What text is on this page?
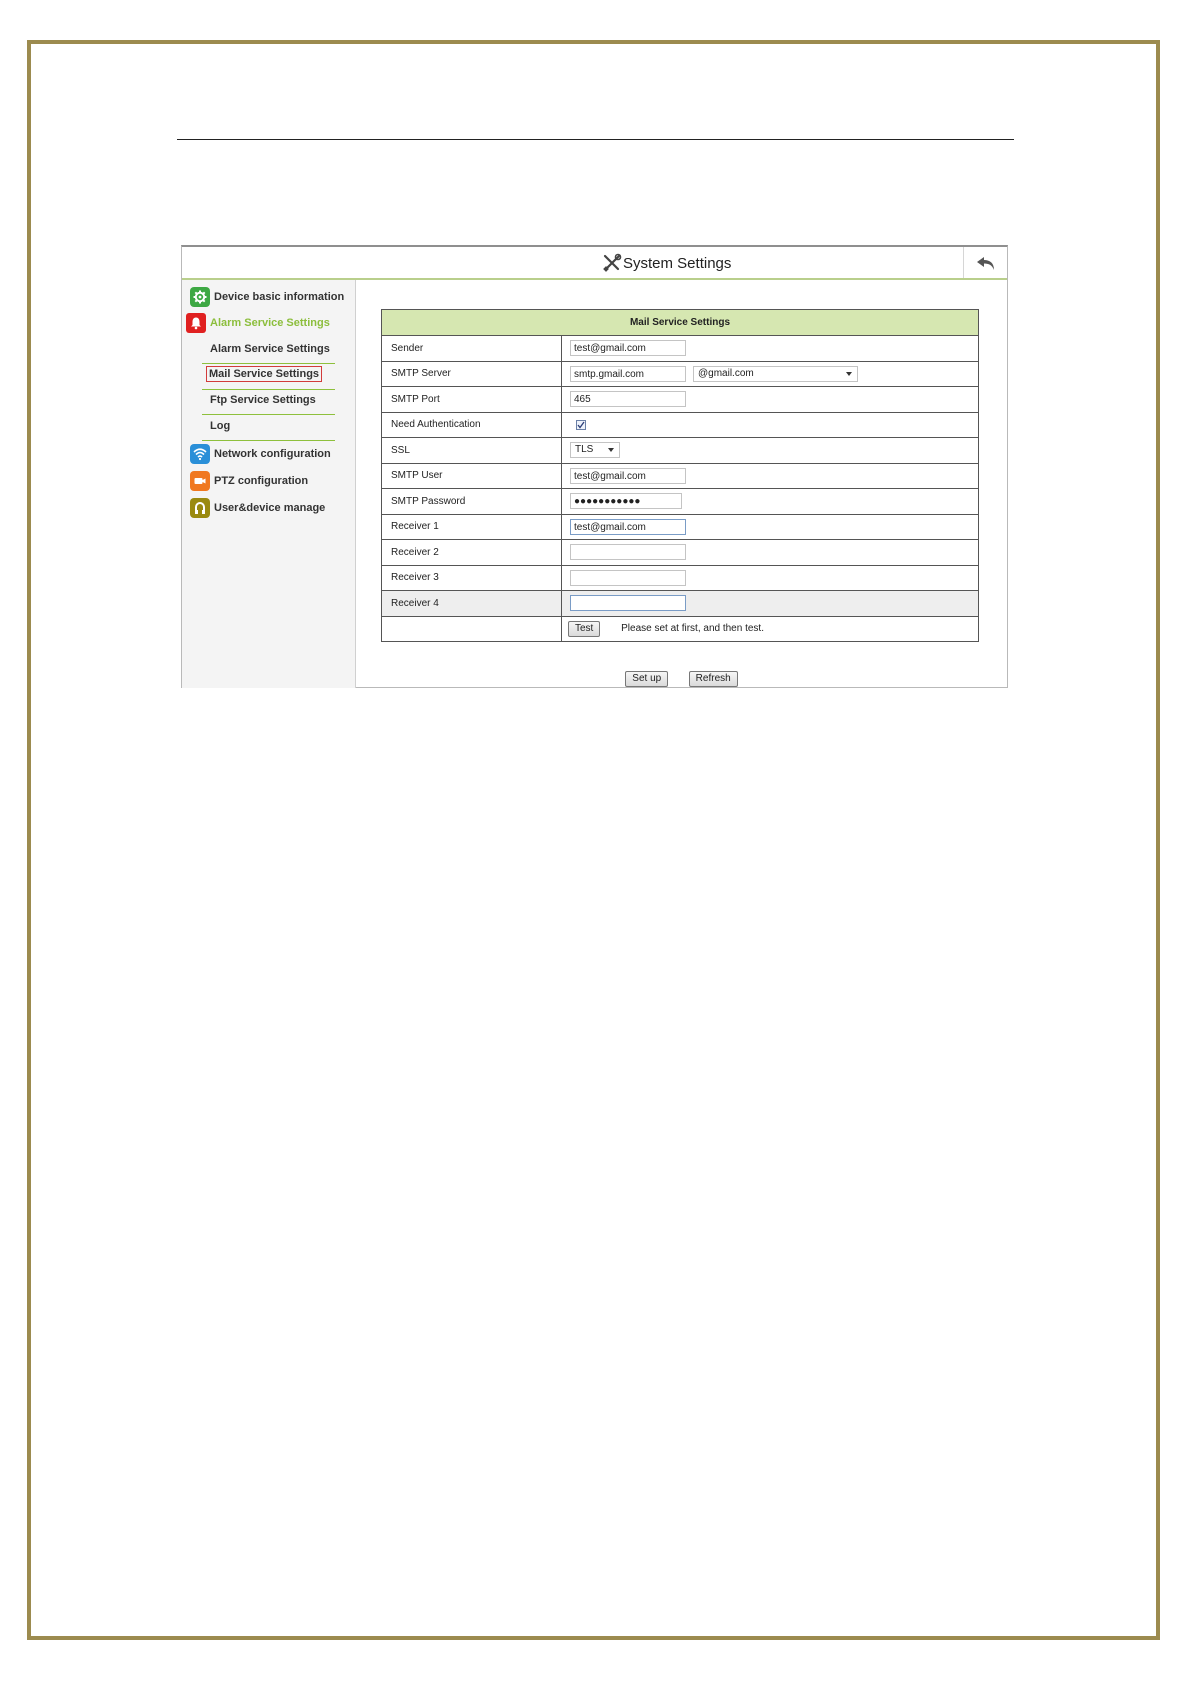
System Settings
Device basic information
Alarm Service Settings
Alarm Service Settings
Mail Service Settings
Ftp Service Settings
Log
Network configuration
PTZ configuration
User&device manage
Mail Service Settings	
Sender	test@gmail.com

SMTP Server	smtp.gmail.com @gmail.com

SMTP Port	465

Need Authentication	

SSL	TLS

SMTP User	test@gmail.com

SMTP Password	●●●●●●●●●●●

Receiver 1	test@gmail.com

Receiver 2	

Receiver 3	

Receiver 4	

	Test Please set at first, and then test.
Set up	Refresh
